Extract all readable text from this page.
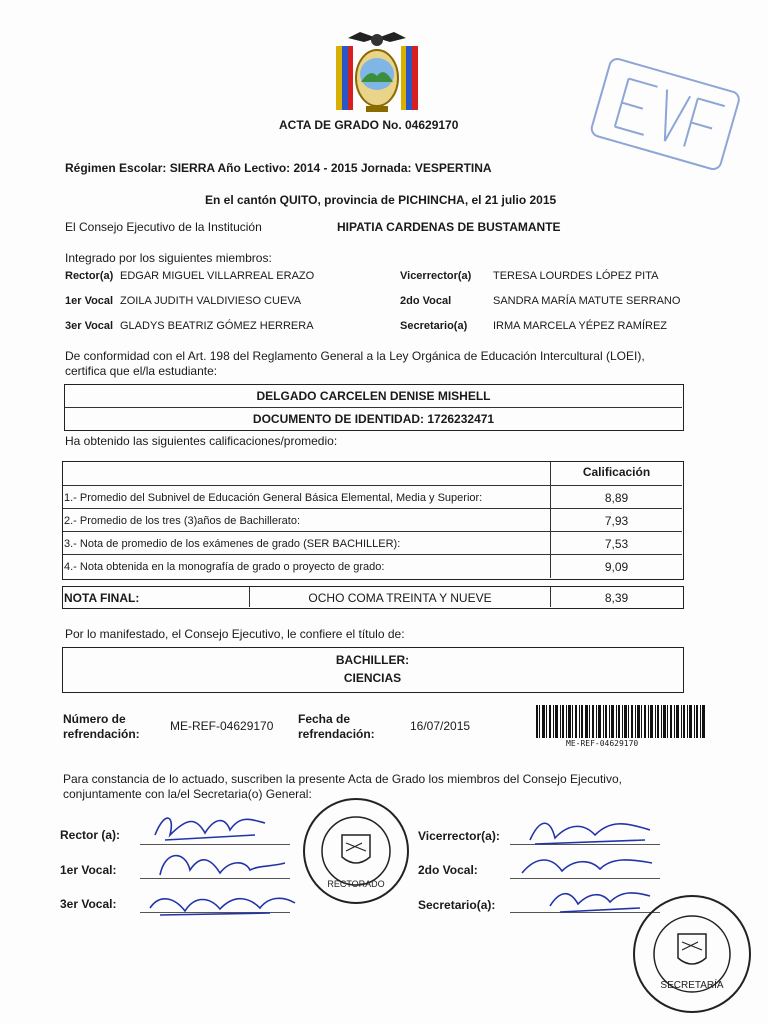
ACTA DE GRADO No. 04629170
Régimen Escolar: SIERRA Año Lectivo: 2014 - 2015 Jornada: VESPERTINA
En el cantón QUITO, provincia de PICHINCHA, el 21 julio 2015
El Consejo Ejecutivo de la Institución	HIPATIA CARDENAS DE BUSTAMANTE
Integrado por los siguientes miembros:
Rector(a) EDGAR MIGUEL VILLARREAL ERAZO	Vicerrector(a) TERESA LOURDES LÓPEZ PITA
1er Vocal ZOILA JUDITH VALDIVIESO CUEVA	2do Vocal	SANDRA MARÍA MATUTE SERRANO
3er Vocal GLADYS BEATRIZ GÓMEZ HERRERA	Secretario(a) IRMA MARCELA YÉPEZ RAMÍREZ
De conformidad con el Art. 198 del Reglamento General a la Ley Orgánica de Educación Intercultural (LOEI),
certifica que el/la estudiante:
DELGADO CARCELEN DENISE MISHELL
DOCUMENTO DE IDENTIDAD: 1726232471
Ha obtenido las siguientes calificaciones/promedio:
Calificación
1.- Promedio del Subnivel de Educación General Básica Elemental, Media y Superior:	8,89
2.- Promedio de los tres (3)años de Bachillerato:	7,93
3.- Nota de promedio de los exámenes de grado (SER BACHILLER):	7,53
4.- Nota obtenida en la monografía de grado o proyecto de grado:	9,09
NOTA FINAL:	OCHO COMA TREINTA Y NUEVE	8,39
Por lo manifestado, el Consejo Ejecutivo, le confiere el título de:
BACHILLER:
CIENCIAS
Número de
refrendación:
ME-REF-04629170 Fecha de
refrendación:
16/07/2015
ME-REF-04629170
Para constancia de lo actuado, suscriben la presente Acta de Grado los miembros del Consejo Ejecutivo,
conjuntamente con la/el Secretaria(o) General:
Rector (a):
1er Vocal:
3er Vocal:
Vicerrector(a):
2do Vocal:
Secretario(a):
RECTORADO
SECRETARÍA
